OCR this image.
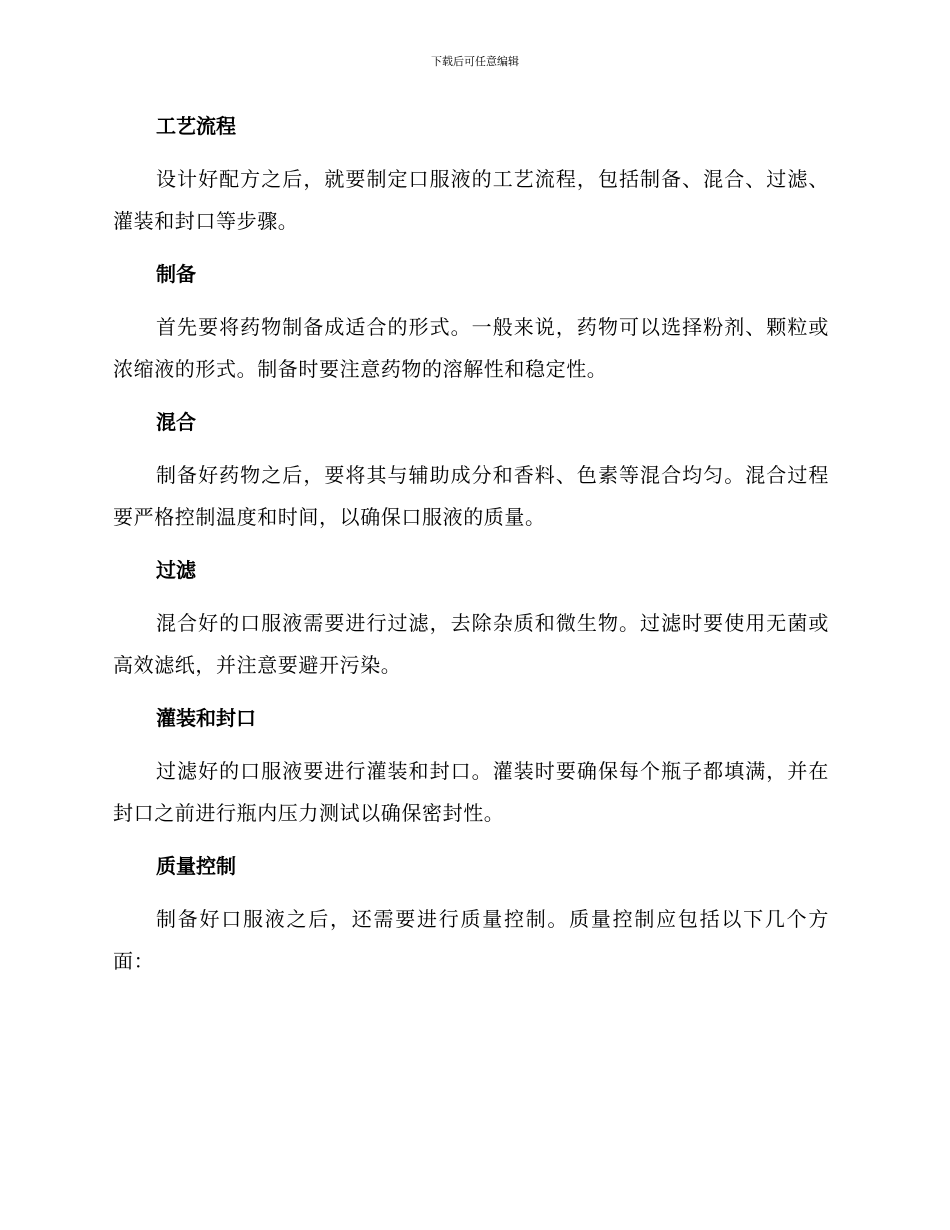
下载后可任意编辑
工艺流程

设计好配方之后，就要制定口服液的工艺流程，包括制备、混合、过滤、灌装和封口等步骤。

制备

首先要将药物制备成适合的形式。一般来说，药物可以选择粉剂、颗粒或浓缩液的形式。制备时要注意药物的溶解性和稳定性。

混合

制备好药物之后，要将其与辅助成分和香料、色素等混合均匀。混合过程要严格控制温度和时间，以确保口服液的质量。

过滤

混合好的口服液需要进行过滤，去除杂质和微生物。过滤时要使用无菌或高效滤纸，并注意要避开污染。

灌装和封口

过滤好的口服液要进行灌装和封口。灌装时要确保每个瓶子都填满，并在封口之前进行瓶内压力测试以确保密封性。

质量控制

制备好口服液之后，还需要进行质量控制。质量控制应包括以下几个方面：
